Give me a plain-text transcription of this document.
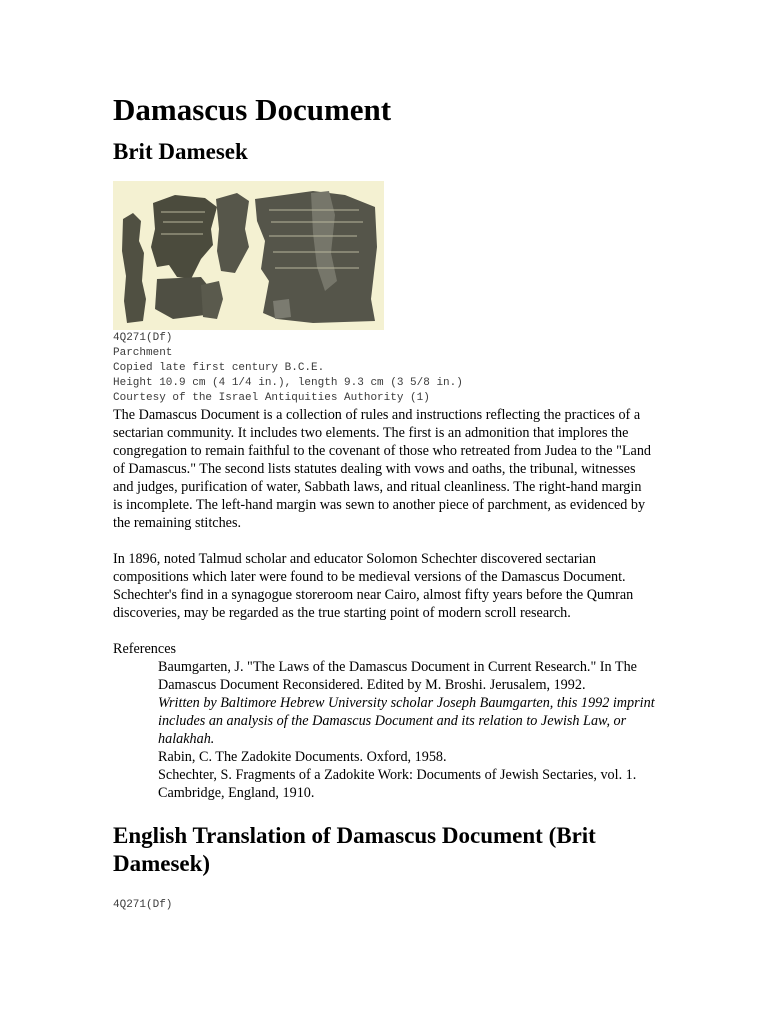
Damascus Document
Brit Damesek
4Q271(Df)
Parchment
Copied late first century B.C.E.
Height 10.9 cm (4 1/4 in.), length 9.3 cm (3 5/8 in.)
Courtesy of the Israel Antiquities Authority (1)

The Damascus Document is a collection of rules and instructions reflecting the practices of a sectarian community. It includes two elements. The first is an admonition that implores the congregation to remain faithful to the covenant of those who retreated from Judea to the "Land of Damascus." The second lists statutes dealing with vows and oaths, the tribunal, witnesses and judges, purification of water, Sabbath laws, and ritual cleanliness. The right-hand margin is incomplete. The left-hand margin was sewn to another piece of parchment, as evidenced by the remaining stitches.

In 1896, noted Talmud scholar and educator Solomon Schechter discovered sectarian compositions which later were found to be medieval versions of the Damascus Document. Schechter's find in a synagogue storeroom near Cairo, almost fifty years before the Qumran discoveries, may be regarded as the true starting point of modern scroll research.

References

Baumgarten, J. "The Laws of the Damascus Document in Current Research." In The Damascus Document Reconsidered. Edited by M. Broshi. Jerusalem, 1992.
Written by Baltimore Hebrew University scholar Joseph Baumgarten, this 1992 imprint includes an analysis of the Damascus Document and its relation to Jewish Law, or halakhah.
Rabin, C. The Zadokite Documents. Oxford, 1958.
Schechter, S. Fragments of a Zadokite Work: Documents of Jewish Sectaries, vol. 1. Cambridge, England, 1910.
English Translation of Damascus Document (Brit Damesek)
4Q271(Df)
